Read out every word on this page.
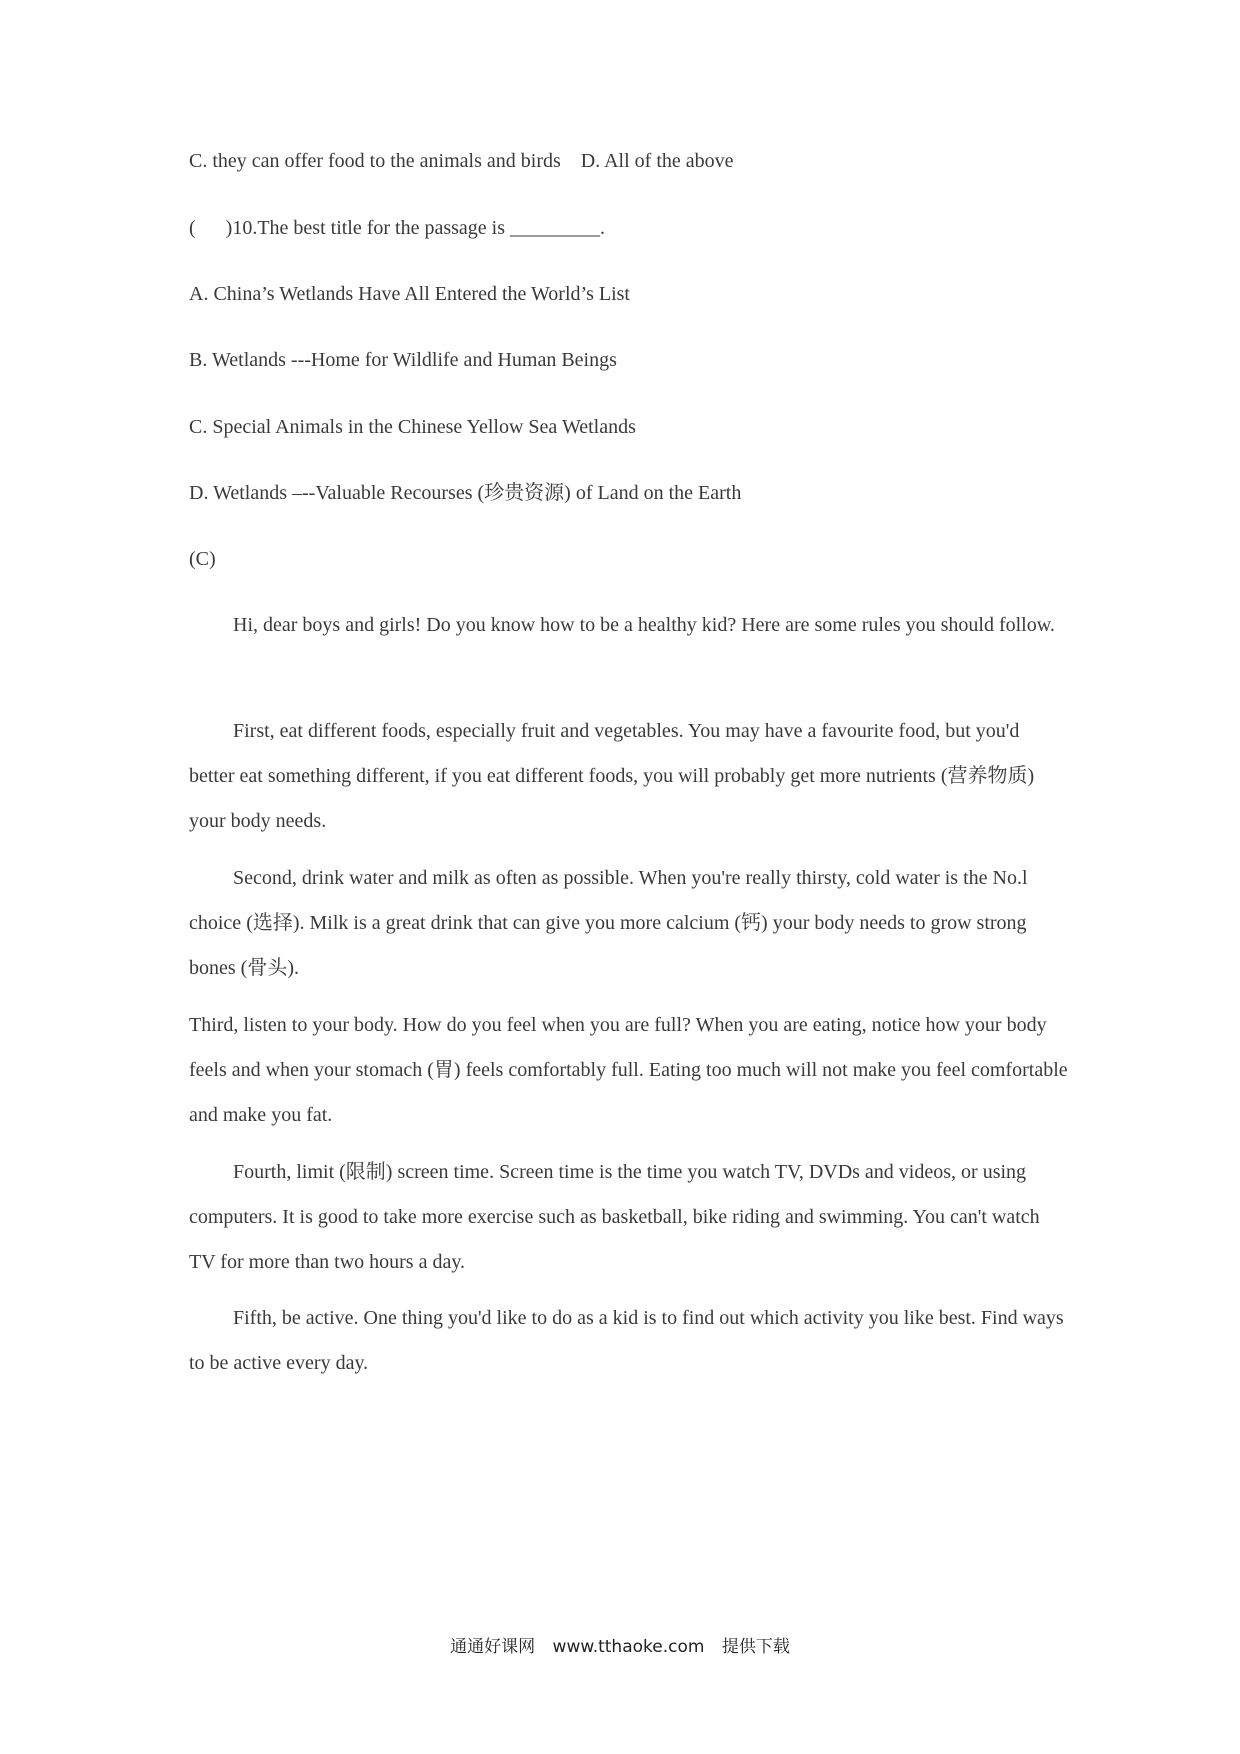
C. they can offer food to the animals and birds    D. All of the above
(      )10.The best title for the passage is _________.
A. China’s Wetlands Have All Entered the World’s List
B. Wetlands ---Home for Wildlife and Human Beings
C. Special Animals in the Chinese Yellow Sea Wetlands
D. Wetlands –--Valuable Recourses (珍贵资源) of Land on the Earth
(C)
Hi, dear boys and girls! Do you know how to be a healthy kid? Here are some rules you should follow.
First, eat different foods, especially fruit and vegetables. You may have a favourite food, but you'd better eat something different, if you eat different foods, you will probably get more nutrients (营养物质) your body needs.
Second, drink water and milk as often as possible. When you're really thirsty, cold water is the No.l choice (选择). Milk is a great drink that can give you more calcium (钙) your body needs to grow strong bones (骨头).
Third, listen to your body. How do you feel when you are full? When you are eating, notice how your body feels and when your stomach (胃) feels comfortably full. Eating too much will not make you feel comfortable and make you fat.
Fourth, limit (限制) screen time. Screen time is the time you watch TV, DVDs and videos, or using computers. It is good to take more exercise such as basketball, bike riding and swimming. You can't watch TV for more than two hours a day.
Fifth, be active. One thing you'd like to do as a kid is to find out which activity you like best. Find ways to be active every day.
通通好课网 www.tthaoke.com 提供下载
